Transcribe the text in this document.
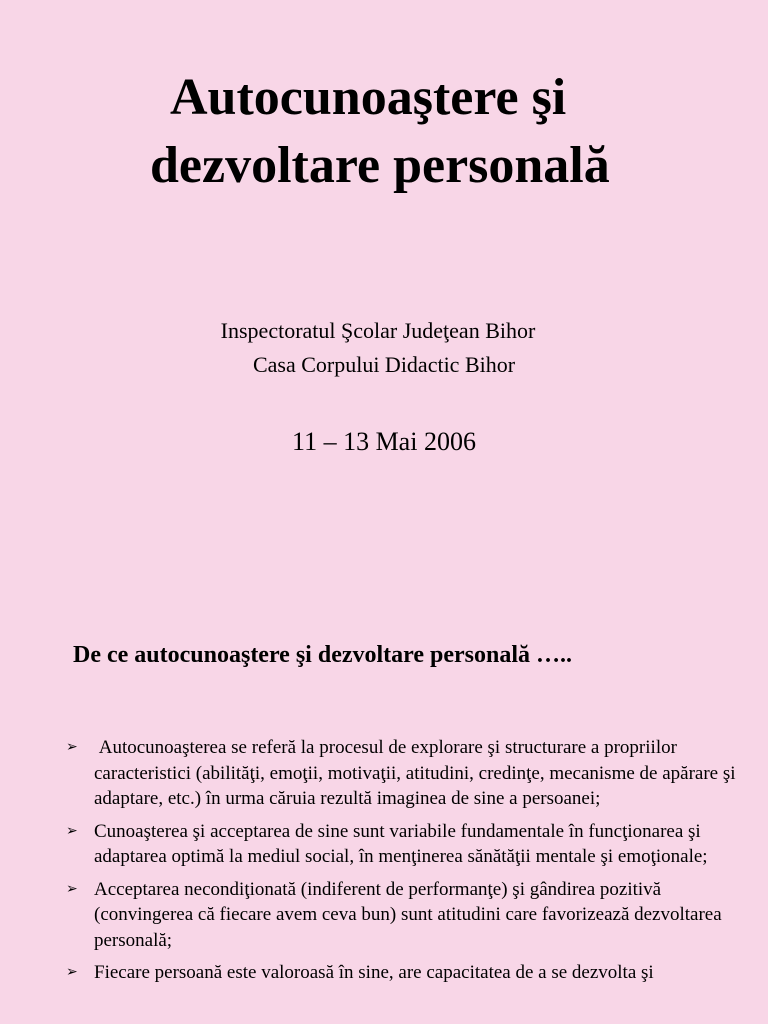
Autocunoaştere şi
dezvoltare personală
Inspectoratul Şcolar Judeţean Bihor
Casa Corpului Didactic Bihor
11 – 13 Mai 2006
De ce autocunoaştere şi dezvoltare personală …..
➢ Autocunoaşterea se referă la procesul de explorare şi structurare a propriilor caracteristici (abilităţi, emoţii, motivaţii, atitudini, credinţe, mecanisme de apărare şi adaptare, etc.) în urma căruia rezultă imaginea de sine a persoanei;
➢ Cunoaşterea şi acceptarea de sine sunt variabile fundamentale în funcţionarea şi adaptarea optimă la mediul social, în menţinerea sănătăţii mentale şi emoţionale;
➢ Acceptarea necondiţionată (indiferent de performanţe) şi gândirea pozitivă (convingerea că fiecare avem ceva bun) sunt atitudini care favorizează dezvoltarea personală;
➢ Fiecare persoană este valoroasă în sine, are capacitatea de a se dezvolta şi
